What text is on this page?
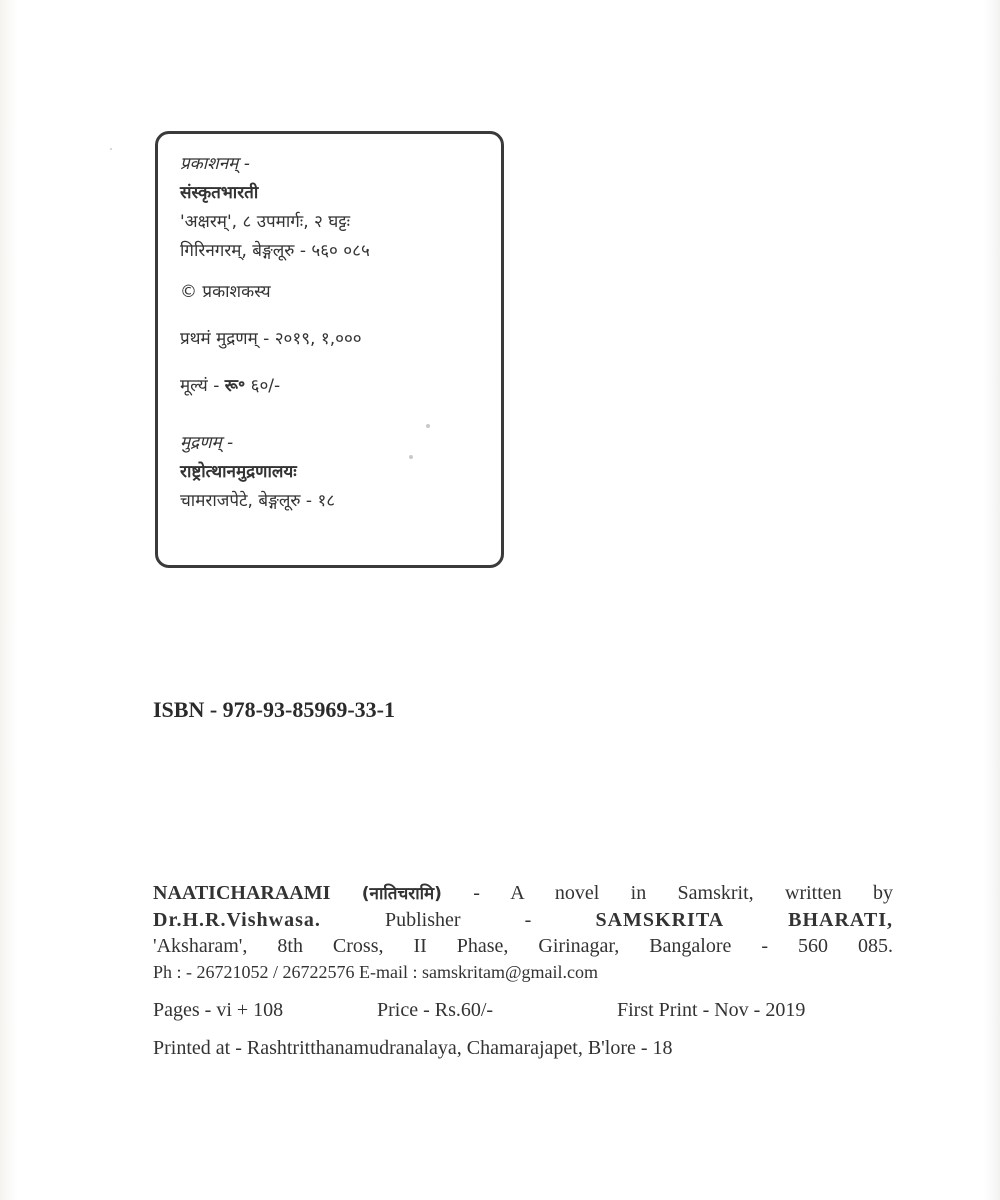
प्रकाशनम् -
संस्कृतभारती
'अक्षरम्', ८ उपमार्गः, २ घट्टः
गिरिनगरम्, बेङ्गलूरु - ५६० ०८५
© प्रकाशकस्य
प्रथमं मुद्रणम् - २०१९, १,०००
मूल्यं - रू॰ ६०/-
मुद्रणम् -
राष्ट्रोत्थानमुद्रणालयः
चामराजपेटे, बेङ्गलूरु - १८
ISBN - 978-93-85969-33-1
NAATICHARAAMI (नातिचरामि) - A novel in Samskrit, written by
Dr.H.R.Vishwasa.	Publisher -	SAMSKRITA BHARATI,
'Aksharam', 8th Cross, II Phase, Girinagar, Bangalore - 560 085.
Ph : - 26721052 / 26722576 E-mail : samskritam@gmail.com
Pages - vi + 108	Price - Rs.60/-	First Print - Nov - 2019
Printed at - Rashtritthanamudranalaya, Chamarajapet, B'lore - 18
